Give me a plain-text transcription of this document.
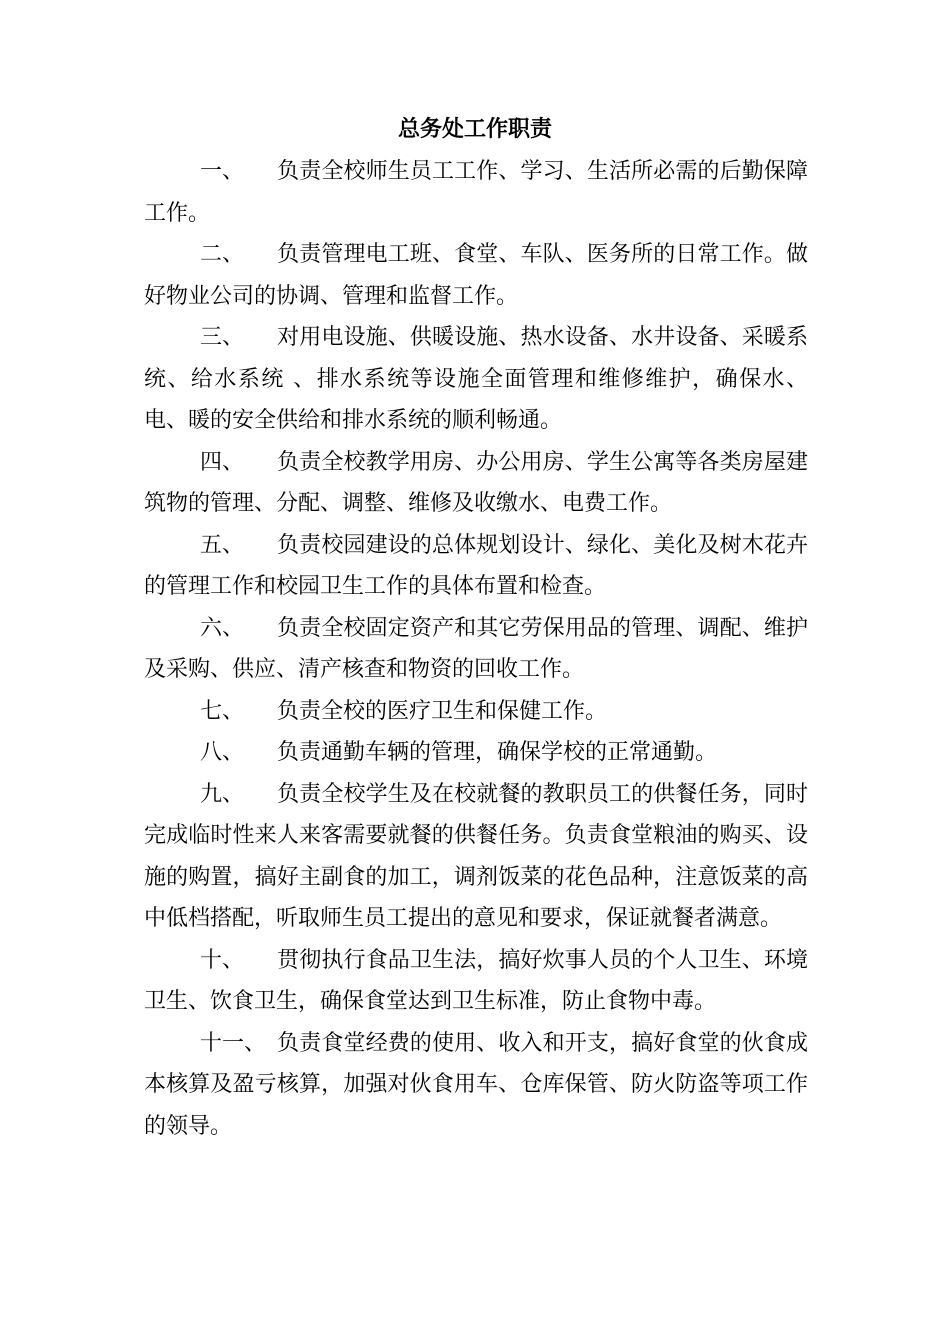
总务处工作职责

一、 负责全校师生员工工作、学习、生活所必需的后勤保障工作。

二、 负责管理电工班、食堂、车队、医务所的日常工作。做好物业公司的协调、管理和监督工作。

三、 对用电设施、供暖设施、热水设备、水井设备、采暖系统、给水系统 、排水系统等设施全面管理和维修维护，确保水、电、暖的安全供给和排水系统的顺利畅通。

四、 负责全校教学用房、办公用房、学生公寓等各类房屋建筑物的管理、分配、调整、维修及收缴水、电费工作。

五、 负责校园建设的总体规划设计、绿化、美化及树木花卉的管理工作和校园卫生工作的具体布置和检查。

六、 负责全校固定资产和其它劳保用品的管理、调配、维护及采购、供应、清产核查和物资的回收工作。

七、 负责全校的医疗卫生和保健工作。

八、 负责通勤车辆的管理，确保学校的正常通勤。

九、 负责全校学生及在校就餐的教职员工的供餐任务，同时完成临时性来人来客需要就餐的供餐任务。负责食堂粮油的购买、设施的购置，搞好主副食的加工，调剂饭菜的花色品种，注意饭菜的高中低档搭配，听取师生员工提出的意见和要求，保证就餐者满意。

十、 贯彻执行食品卫生法，搞好炊事人员的个人卫生、环境卫生、饮食卫生，确保食堂达到卫生标准，防止食物中毒。

十一、 负责食堂经费的使用、收入和开支，搞好食堂的伙食成本核算及盈亏核算，加强对伙食用车、仓库保管、防火防盗等项工作的领导。
